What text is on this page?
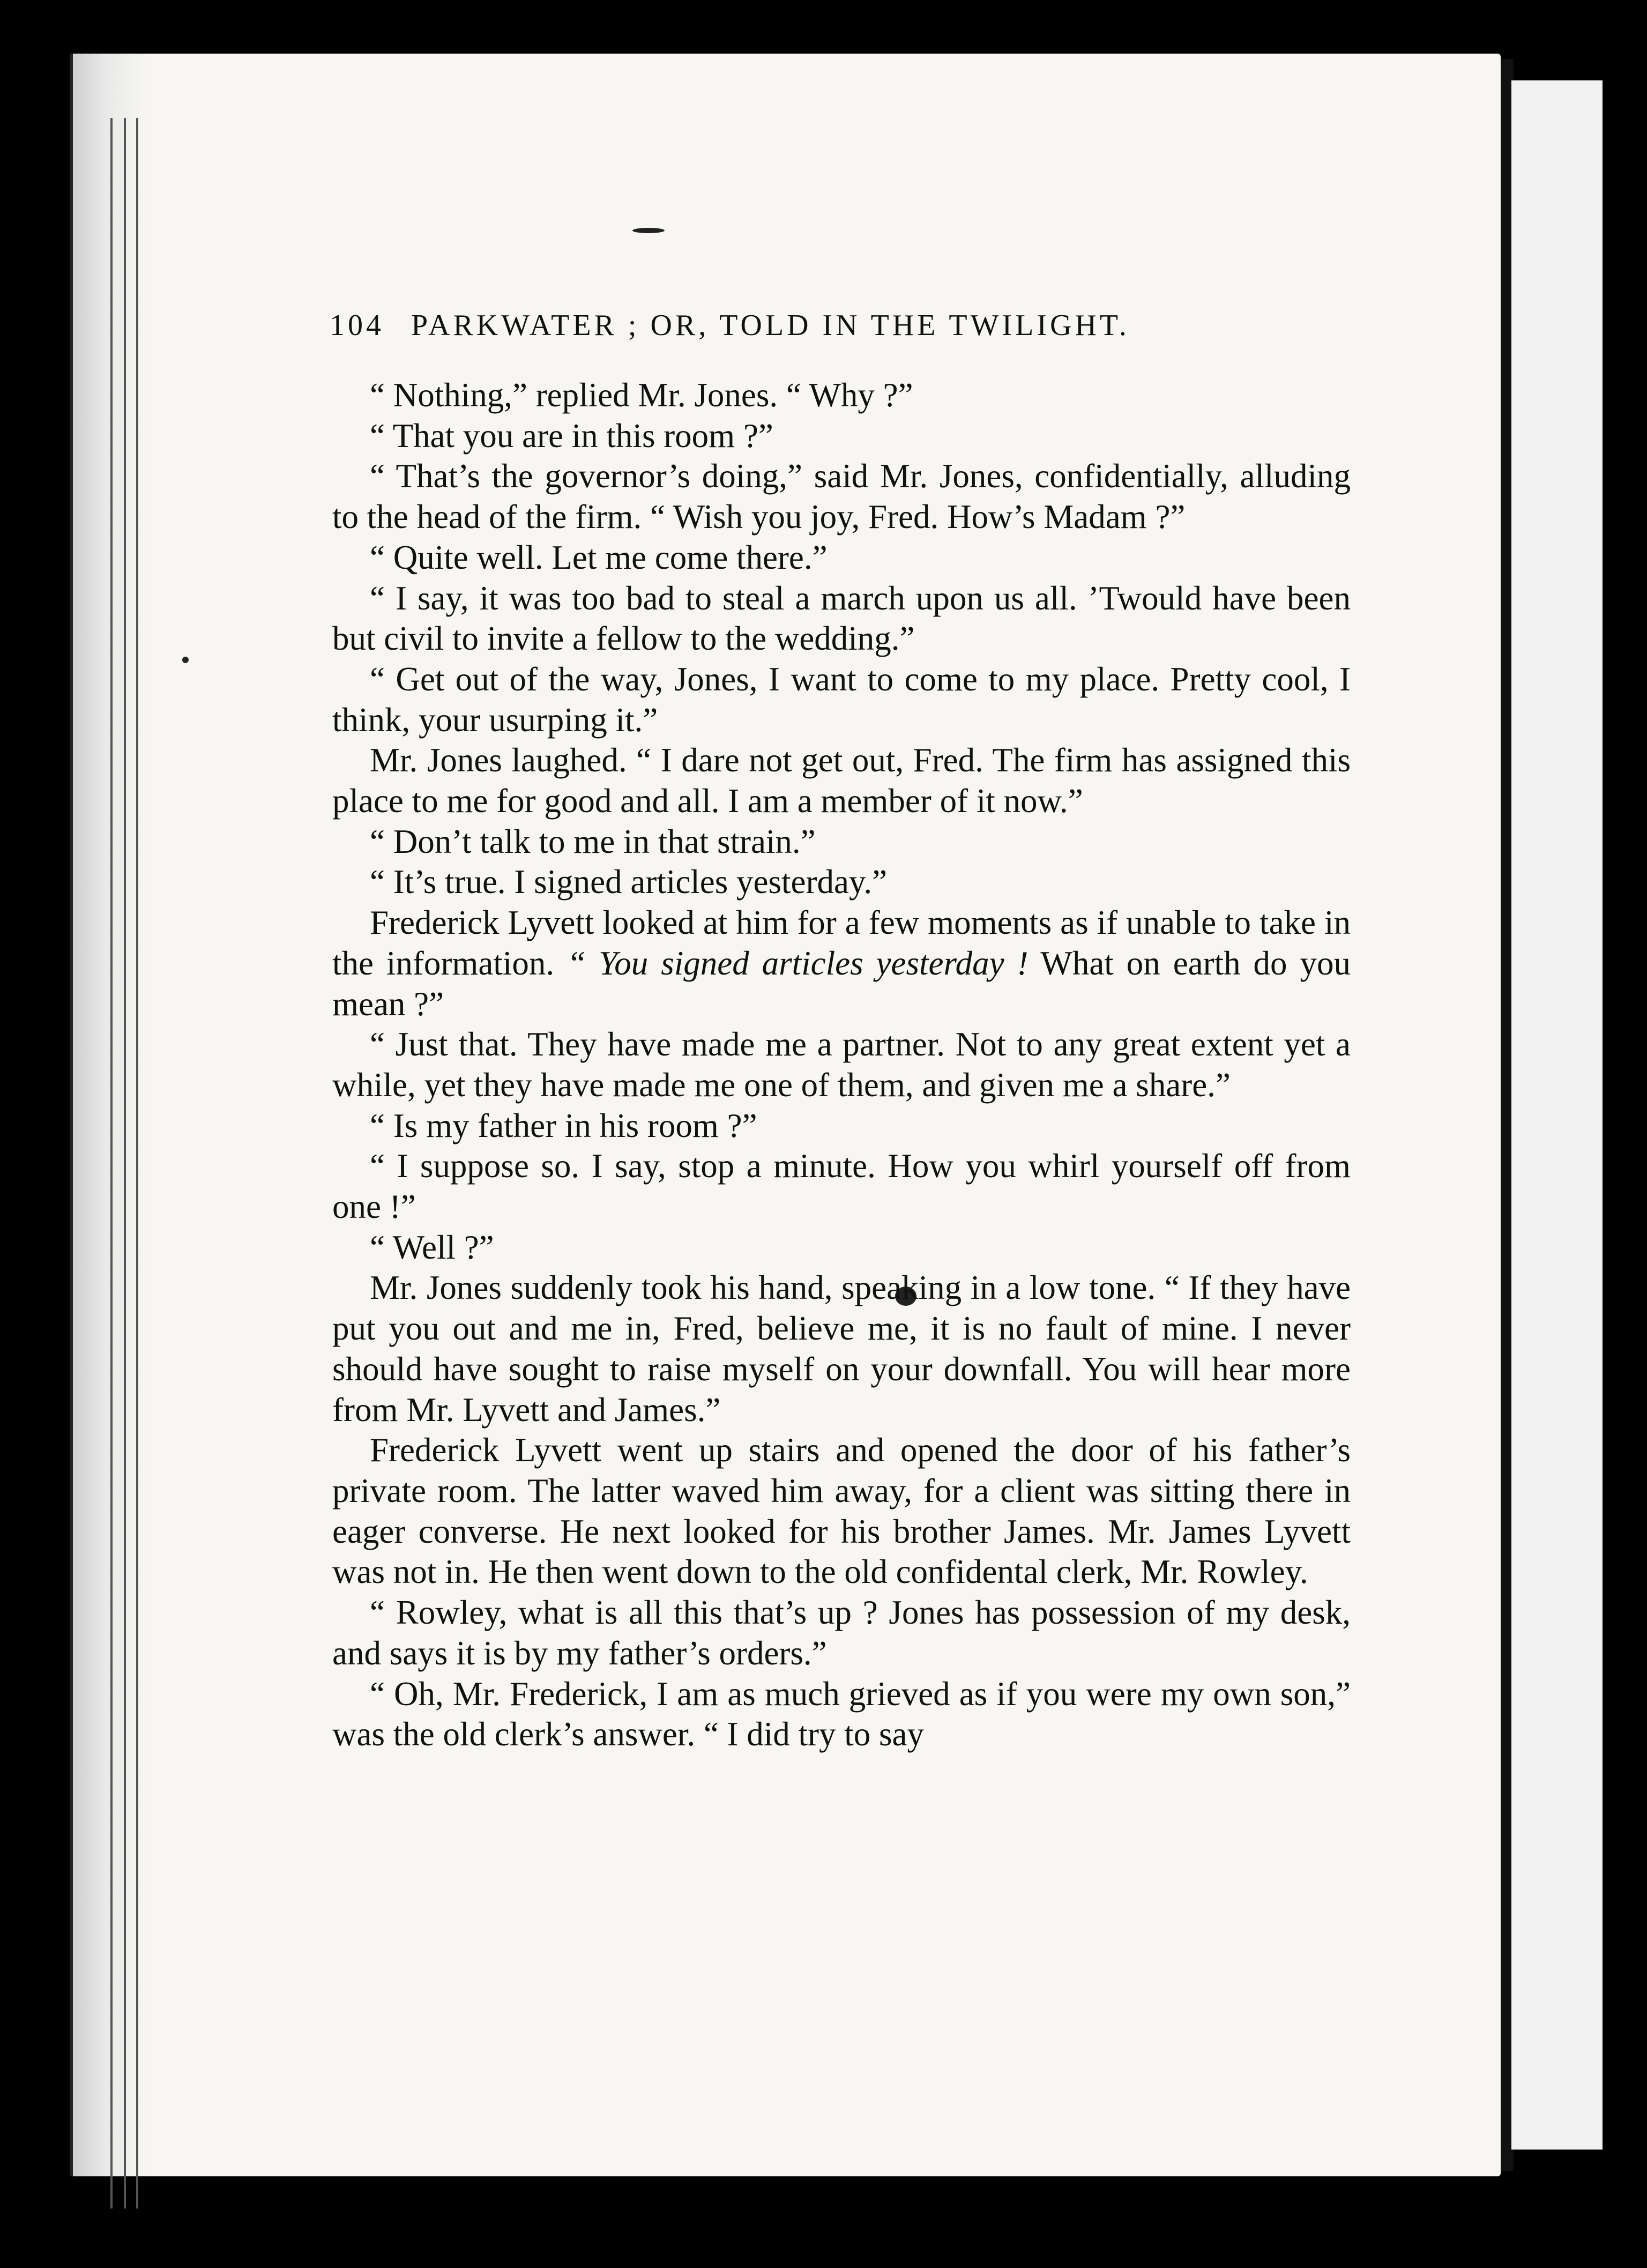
104 PARKWATER ; OR, TOLD IN THE TWILIGHT.

“ Nothing,” replied Mr. Jones. “ Why ?”

“ That you are in this room ?”

“ That’s the governor’s doing,” said Mr. Jones, confidentially, alluding to the head of the firm. “ Wish you joy, Fred. How’s Madam ?”

“ Quite well. Let me come there.”

“ I say, it was too bad to steal a march upon us all. ’Twould have been but civil to invite a fellow to the wedding.”

“ Get out of the way, Jones, I want to come to my place. Pretty cool, I think, your usurping it.”

Mr. Jones laughed. “ I dare not get out, Fred. The firm has assigned this place to me for good and all. I am a member of it now.”

“ Don’t talk to me in that strain.”

“ It’s true. I signed articles yesterday.”

Frederick Lyvett looked at him for a few moments as if unable to take in the information. “ You signed articles yesterday ! What on earth do you mean ?”

“ Just that. They have made me a partner. Not to any great extent yet a while, yet they have made me one of them, and given me a share.”

“ Is my father in his room ?”

“ I suppose so. I say, stop a minute. How you whirl yourself off from one !”

“ Well ?”

Mr. Jones suddenly took his hand, speaking in a low tone. “ If they have put you out and me in, Fred, believe me, it is no fault of mine. I never should have sought to raise myself on your downfall. You will hear more from Mr. Lyvett and James.”

Frederick Lyvett went up stairs and opened the door of his father’s private room. The latter waved him away, for a client was sitting there in eager converse. He next looked for his brother James. Mr. James Lyvett was not in. He then went down to the old confidental clerk, Mr. Rowley.

“ Rowley, what is all this that’s up ? Jones has possession of my desk, and says it is by my father’s orders.”

“ Oh, Mr. Frederick, I am as much grieved as if you were my own son,” was the old clerk’s answer. “ I did try to say
